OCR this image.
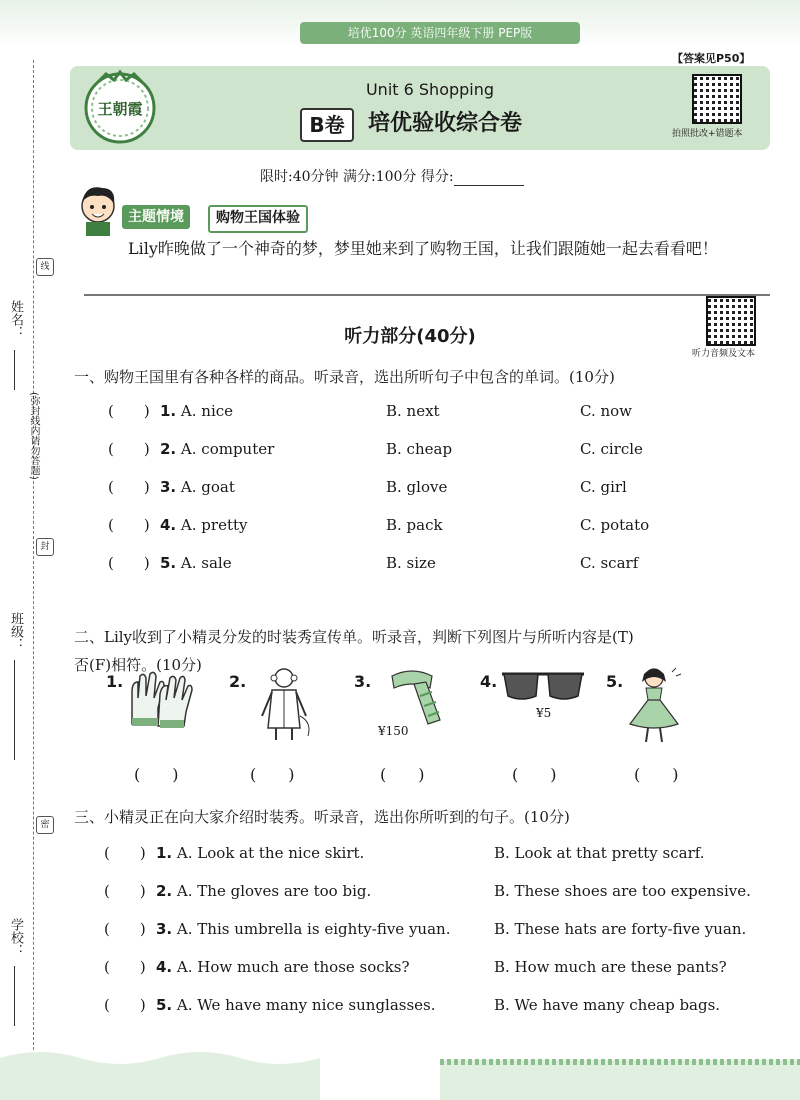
培优100分 英语四年级下册 PEP版
【答案见P50】
王朝霞
Unit 6 Shopping
B卷	培优验收综合卷	拍照批改+错题本
限时:40分钟 满分:100分 得分:
主题情境	购物王国体验
Lily昨晚做了一个神奇的梦，梦里她来到了购物王国，让我们跟随她一起去看看吧！
听力部分(40分)
听力音频及文本
一、购物王国里有各种各样的商品。听录音，选出所听句子中包含的单词。(10分)
(　　) 1. A. nice	B. next	C. now
(　　) 2. A. computer	B. cheap	C. circle
(　　) 3. A. goat	B. glove	C. girl
(　　) 4. A. pretty	B. pack	C. potato
(　　) 5. A. sale	B. size	C. scarf
二、Lily收到了小精灵分发的时装秀宣传单。听录音，判断下列图片与所听内容是(T)
否(F)相符。(10分)
1.	2.	3.
¥150
4.
¥5
5.
(　　)	(　　)	(　　)	(　　)	(　　)
三、小精灵正在向大家介绍时装秀。听录音，选出你所听到的句子。(10分)
(　　) 1. A. Look at the nice skirt.	B. Look at that pretty scarf.
(　　) 2. A. The gloves are too big.	B. These shoes are too expensive.
(　　) 3. A. This umbrella is eighty-five yuan.	B. These hats are forty-five yuan.
(　　) 4. A. How much are those socks?	B. How much are these pants?
(　　) 5. A. We have many nice sunglasses.	B. We have many cheap bags.
线
封
密
姓名：
(弥封线内请勿答题)
班级：
学校：
